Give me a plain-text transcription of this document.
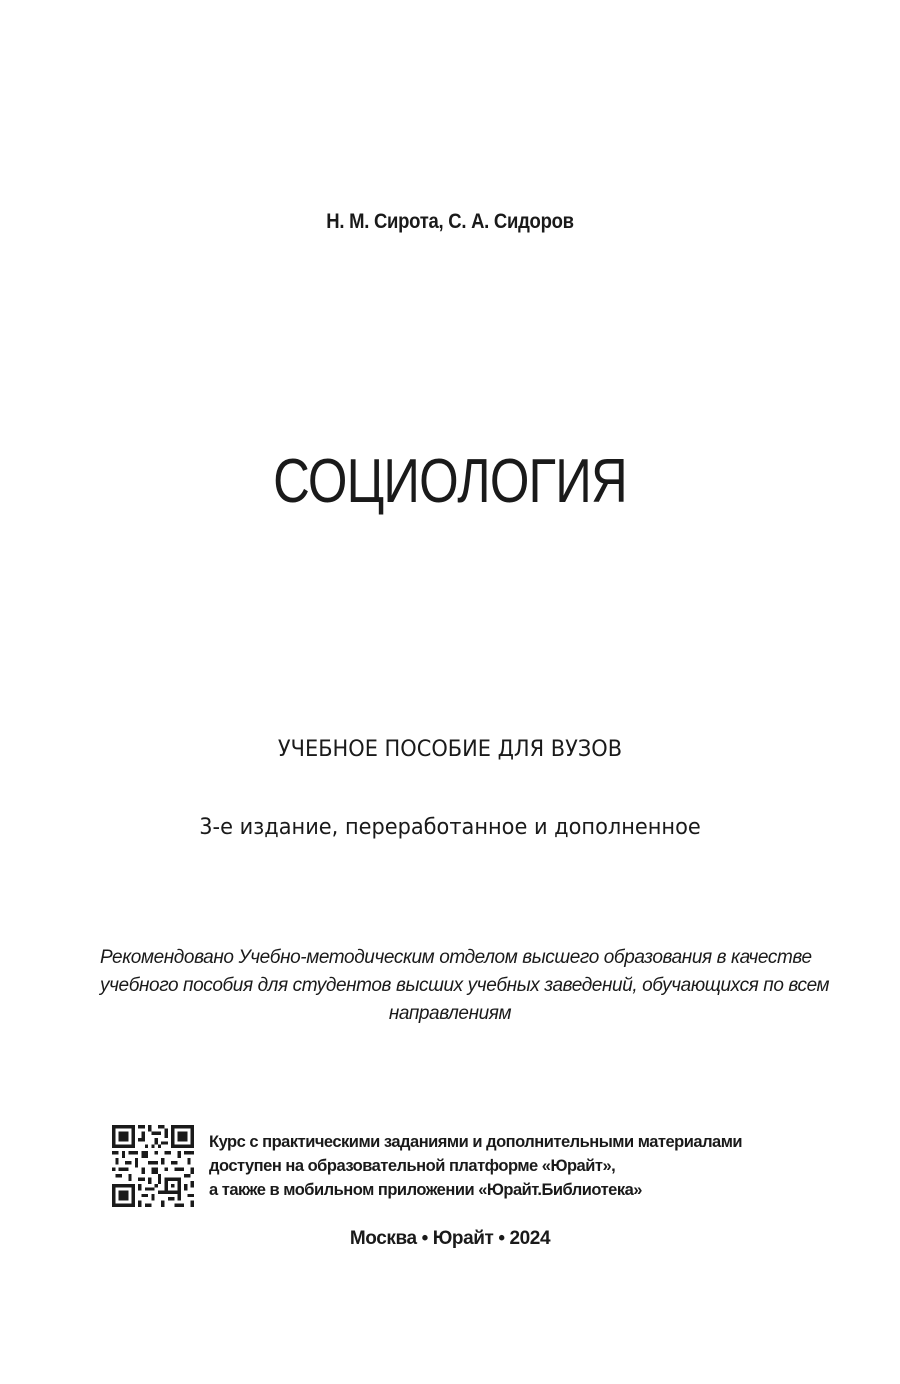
Н. М. Сирота, С. А. Сидоров
СОЦИОЛОГИЯ
УЧЕБНОЕ ПОСОБИЕ ДЛЯ ВУЗОВ
3-е издание, переработанное и дополненное
Рекомендовано Учебно-методическим отделом высшего образования в качестве
учебного пособия для студентов высших учебных заведений, обучающихся по всем
направлениям
Курс с практическими заданиями и дополнительными материалами
доступен на образовательной платформе «Юрайт»,
а также в мобильном приложении «Юрайт.Библиотека»
Москва • Юрайт • 2024
